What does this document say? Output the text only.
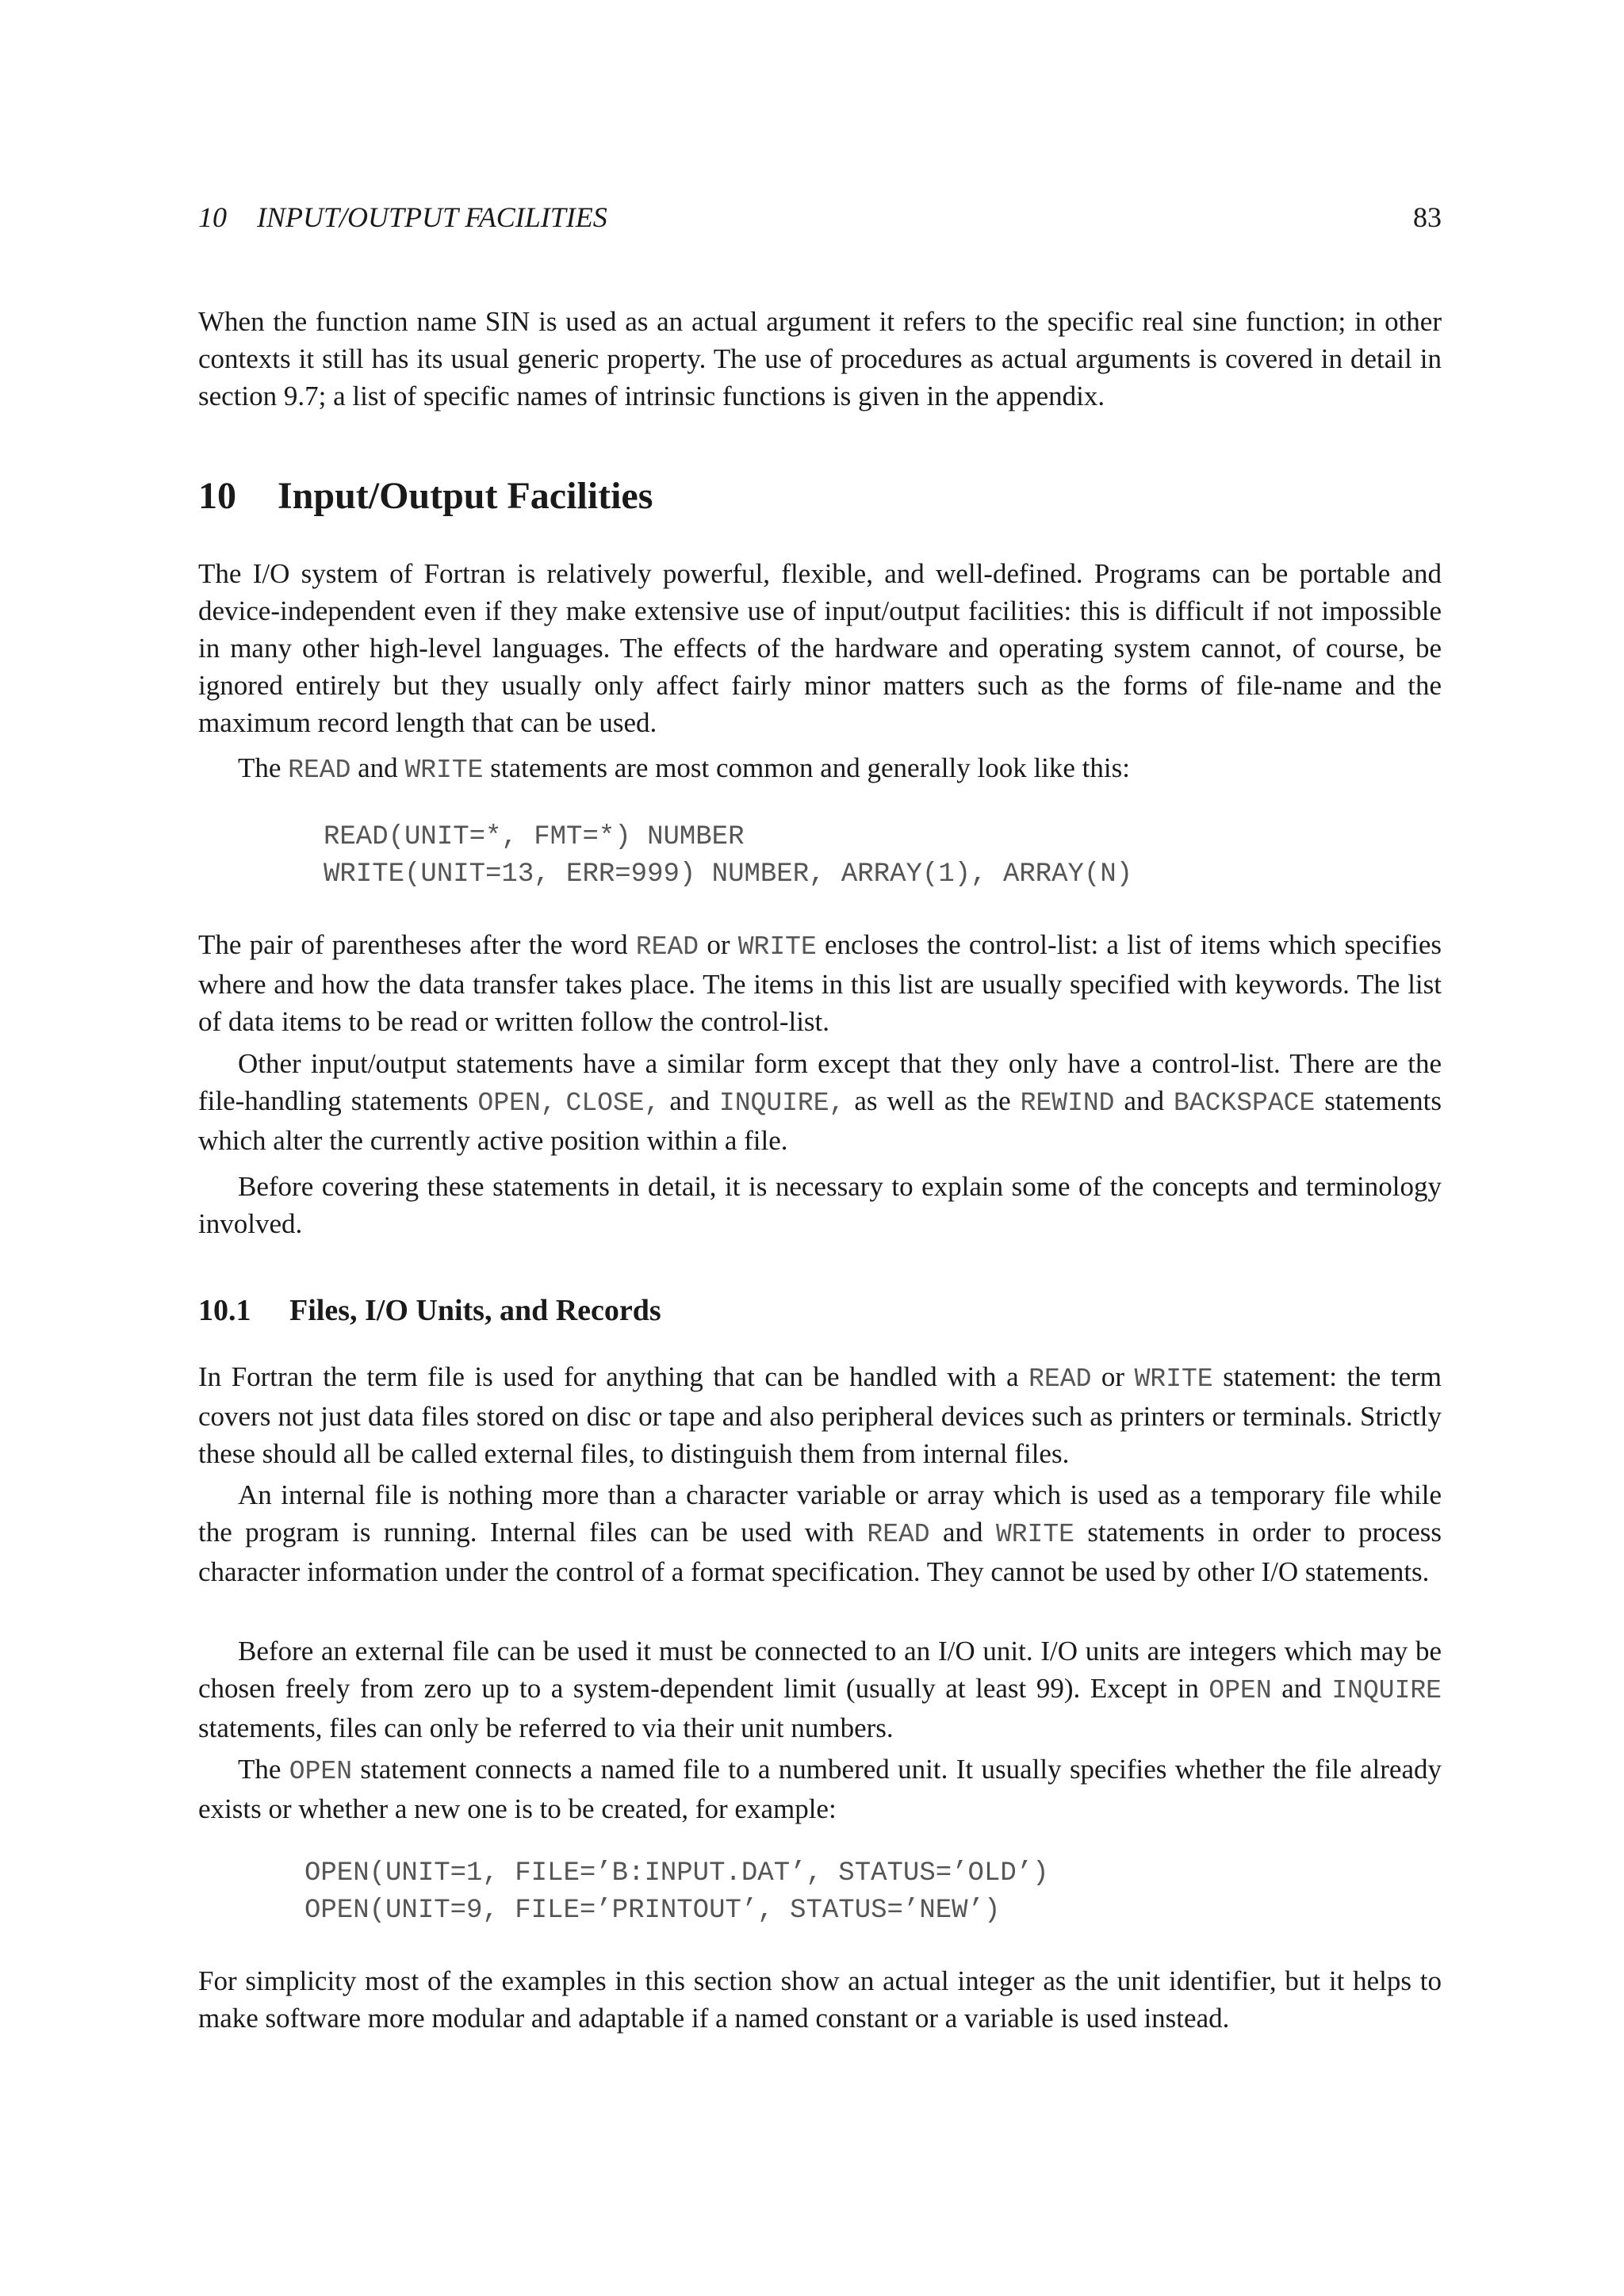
10 INPUT/OUTPUT FACILITIES	83

When the function name SIN is used as an actual argument it refers to the specific real sine function; in other contexts it still has its usual generic property. The use of procedures as actual arguments is covered in detail in section 9.7; a list of specific names of intrinsic functions is given in the appendix.

10 Input/Output Facilities

The I/O system of Fortran is relatively powerful, flexible, and well-defined. Programs can be portable and device-independent even if they make extensive use of input/output facilities: this is difficult if not impossible in many other high-level languages. The effects of the hardware and operating system cannot, of course, be ignored entirely but they usually only affect fairly minor matters such as the forms of file-name and the maximum record length that can be used.

The READ and WRITE statements are most common and generally look like this:

READ(UNIT=*, FMT=*) NUMBER
WRITE(UNIT=13, ERR=999) NUMBER, ARRAY(1), ARRAY(N)

The pair of parentheses after the word READ or WRITE encloses the control-list: a list of items which specifies where and how the data transfer takes place. The items in this list are usually specified with keywords. The list of data items to be read or written follow the control-list.

Other input/output statements have a similar form except that they only have a control-list. There are the file-handling statements OPEN, CLOSE, and INQUIRE, as well as the REWIND and BACKSPACE statements which alter the currently active position within a file.

Before covering these statements in detail, it is necessary to explain some of the concepts and terminology involved.

10.1 Files, I/O Units, and Records

In Fortran the term file is used for anything that can be handled with a READ or WRITE statement: the term covers not just data files stored on disc or tape and also peripheral devices such as printers or terminals. Strictly these should all be called external files, to distinguish them from internal files.

An internal file is nothing more than a character variable or array which is used as a temporary file while the program is running. Internal files can be used with READ and WRITE statements in order to process character information under the control of a format specification. They cannot be used by other I/O statements.

Before an external file can be used it must be connected to an I/O unit. I/O units are integers which may be chosen freely from zero up to a system-dependent limit (usually at least 99). Except in OPEN and INQUIRE statements, files can only be referred to via their unit numbers.

The OPEN statement connects a named file to a numbered unit. It usually specifies whether the file already exists or whether a new one is to be created, for example:

OPEN(UNIT=1, FILE=’B:INPUT.DAT’, STATUS=’OLD’)
OPEN(UNIT=9, FILE=’PRINTOUT’, STATUS=’NEW’)

For simplicity most of the examples in this section show an actual integer as the unit identifier, but it helps to make software more modular and adaptable if a named constant or a variable is used instead.
